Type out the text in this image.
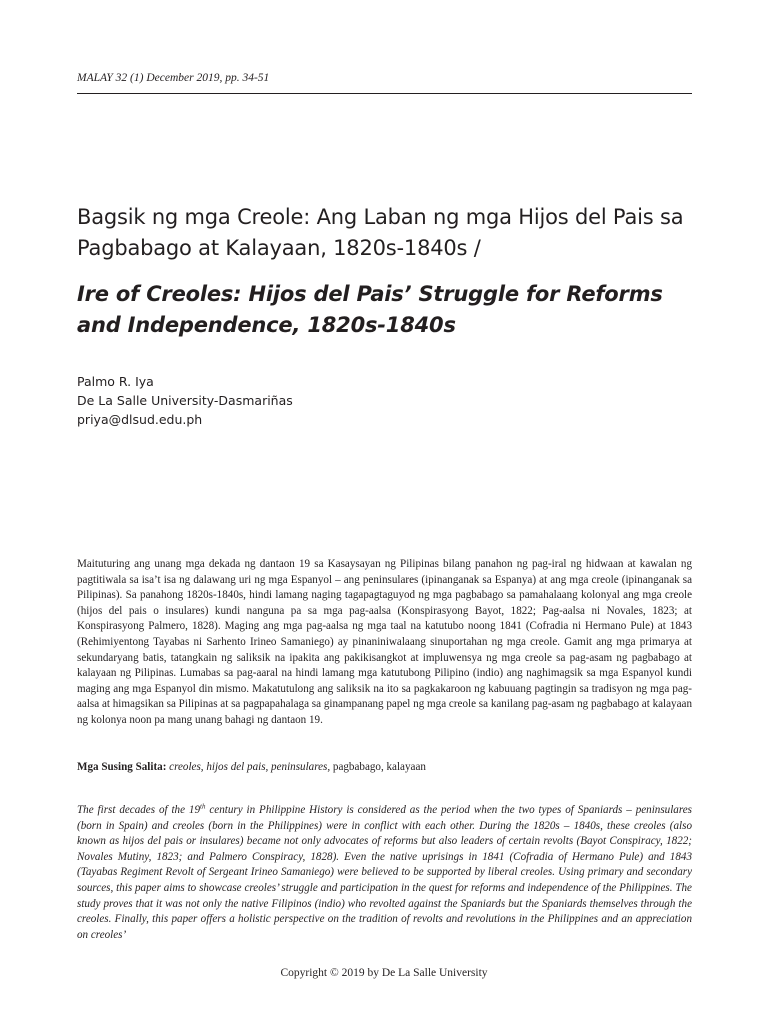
MALAY 32 (1) December 2019, pp. 34-51
Bagsik ng mga Creole: Ang Laban ng mga Hijos del Pais sa Pagbabago at Kalayaan, 1820s-1840s /
Ire of Creoles: Hijos del Pais’ Struggle for Reforms and Independence, 1820s-1840s
Palmo R. Iya
De La Salle University-Dasmariñas
priya@dlsud.edu.ph

Maituturing ang unang mga dekada ng dantaon 19 sa Kasaysayan ng Pilipinas bilang panahon ng pag-iral ng hidwaan at kawalan ng pagtitiwala sa isa’t isa ng dalawang uri ng mga Espanyol – ang peninsulares (ipinanganak sa Espanya) at ang mga creole (ipinanganak sa Pilipinas). Sa panahong 1820s-1840s, hindi lamang naging tagapagtaguyod ng mga pagbabago sa pamahalaang kolonyal ang mga creole (hijos del pais o insulares) kundi nanguna pa sa mga pag-aalsa (Konspirasyong Bayot, 1822; Pag-aalsa ni Novales, 1823; at Konspirasyong Palmero, 1828). Maging ang mga pag-aalsa ng mga taal na katutubo noong 1841 (Cofradia ni Hermano Pule) at 1843 (Rehimiyentong Tayabas ni Sarhento Irineo Samaniego) ay pinaniniwalaang sinuportahan ng mga creole. Gamit ang mga primarya at sekundaryang batis, tatangkain ng saliksik na ipakita ang pakikisangkot at impluwensya ng mga creole sa pag-asam ng pagbabago at kalayaan ng Pilipinas. Lumabas sa pag-aaral na hindi lamang mga katutubong Pilipino (indio) ang naghimagsik sa mga Espanyol kundi maging ang mga Espanyol din mismo. Makatutulong ang saliksik na ito sa pagkakaroon ng kabuuang pagtingin sa tradisyon ng mga pag-aalsa at himagsikan sa Pilipinas at sa pagpapahalaga sa ginampanang papel ng mga creole sa kanilang pag-asam ng pagbabago at kalayaan ng kolonya noon pa mang unang bahagi ng dantaon 19.

Mga Susing Salita: creoles, hijos del pais, peninsulares, pagbabago, kalayaan

The first decades of the 19th century in Philippine History is considered as the period when the two types of Spaniards – peninsulares (born in Spain) and creoles (born in the Philippines) were in conflict with each other. During the 1820s – 1840s, these creoles (also known as hijos del pais or insulares) became not only advocates of reforms but also leaders of certain revolts (Bayot Conspiracy, 1822; Novales Mutiny, 1823; and Palmero Conspiracy, 1828). Even the native uprisings in 1841 (Cofradia of Hermano Pule) and 1843 (Tayabas Regiment Revolt of Sergeant Irineo Samaniego) were believed to be supported by liberal creoles. Using primary and secondary sources, this paper aims to showcase creoles’ struggle and participation in the quest for reforms and independence of the Philippines. The study proves that it was not only the native Filipinos (indio) who revolted against the Spaniards but the Spaniards themselves through the creoles. Finally, this paper offers a holistic perspective on the tradition of revolts and revolutions in the Philippines and an appreciation on creoles’

Copyright © 2019 by De La Salle University
